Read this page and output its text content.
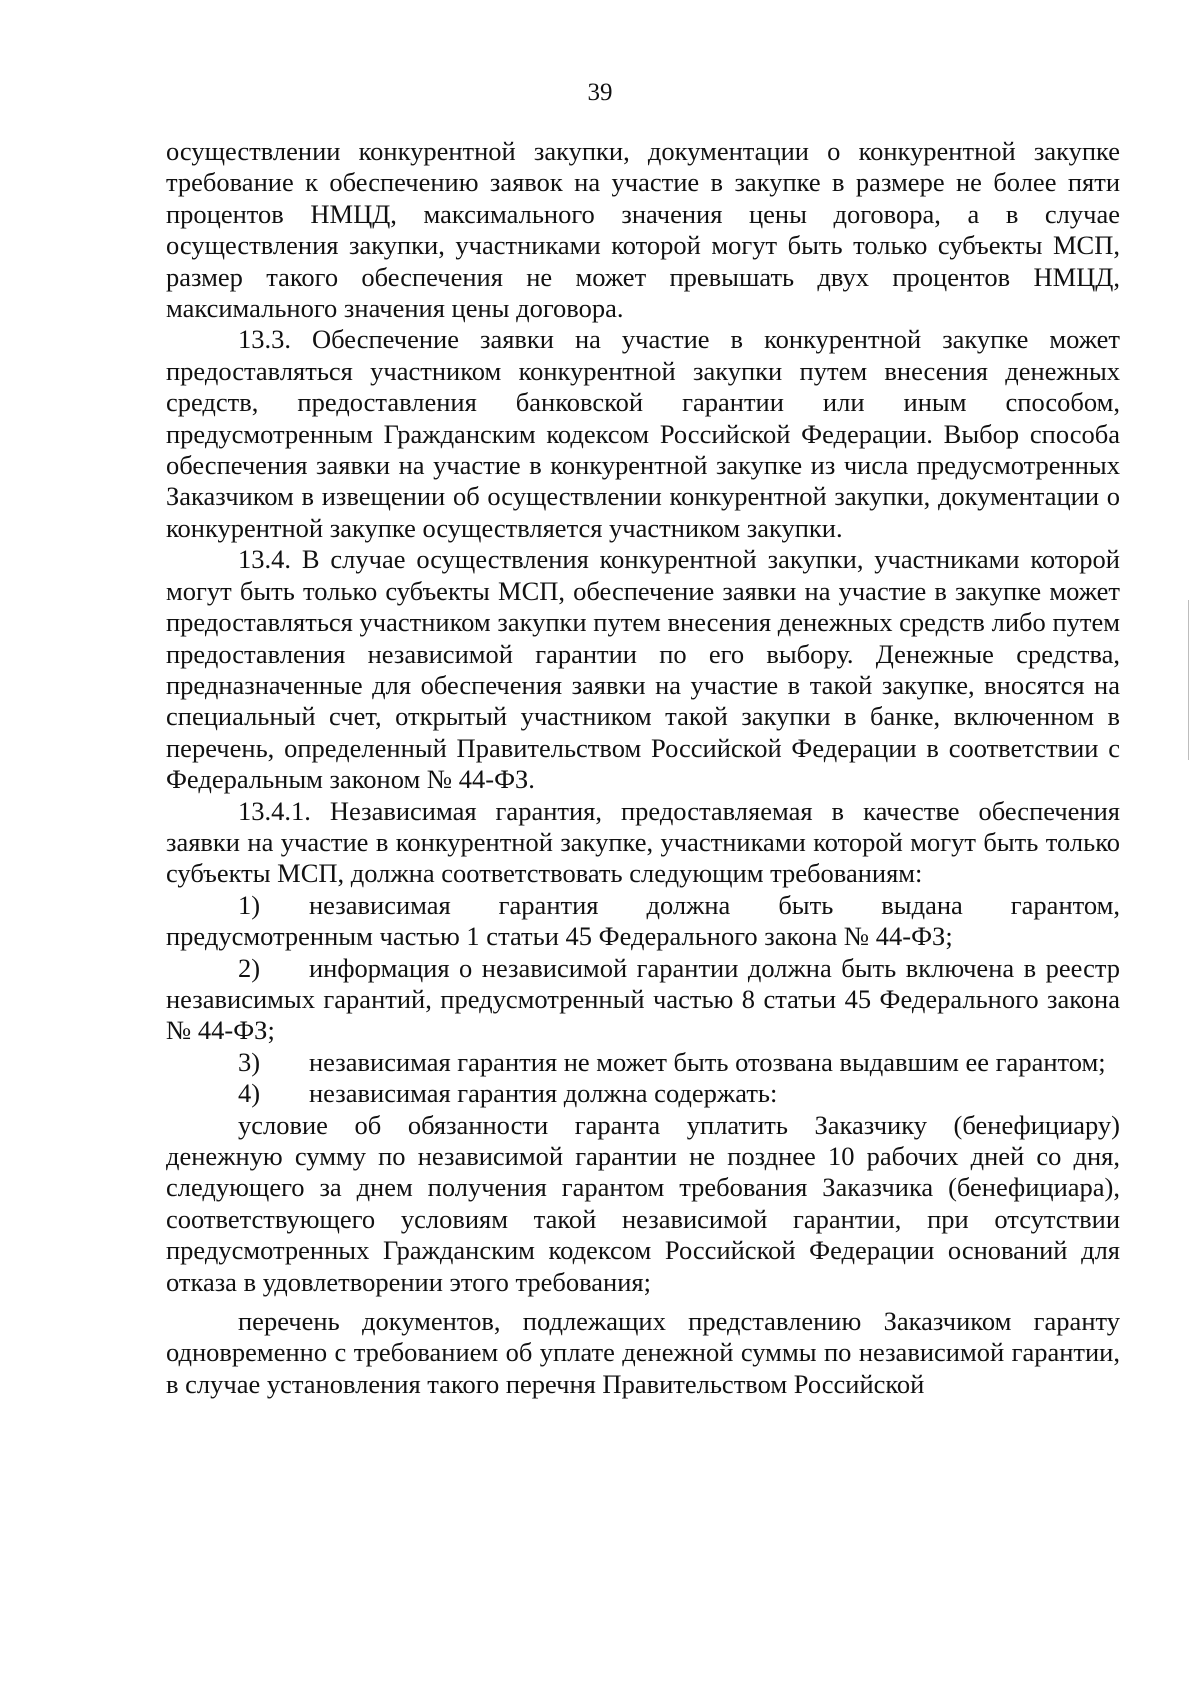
39

осуществлении конкурентной закупки, документации о конкурентной закупке требование к обеспечению заявок на участие в закупке в размере не более пяти процентов НМЦД, максимального значения цены договора, а в случае осуществления закупки, участниками которой могут быть только субъекты МСП, размер такого обеспечения не может превышать двух процентов НМЦД, максимального значения цены договора.

13.3. Обеспечение заявки на участие в конкурентной закупке может предоставляться участником конкурентной закупки путем внесения денежных средств, предоставления банковской гарантии или иным способом, предусмотренным Гражданским кодексом Российской Федерации. Выбор способа обеспечения заявки на участие в конкурентной закупке из числа предусмотренных Заказчиком в извещении об осуществлении конкурентной закупки, документации о конкурентной закупке осуществляется участником закупки.

13.4. В случае осуществления конкурентной закупки, участниками которой могут быть только субъекты МСП, обеспечение заявки на участие в закупке может предоставляться участником закупки путем внесения денежных средств либо путем предоставления независимой гарантии по его выбору. Денежные средства, предназначенные для обеспечения заявки на участие в такой закупке, вносятся на специальный счет, открытый участником такой закупки в банке, включенном в перечень, определенный Правительством Российской Федерации в соответствии с Федеральным законом № 44-ФЗ.

13.4.1. Независимая гарантия, предоставляемая в качестве обеспечения заявки на участие в конкурентной закупке, участниками которой могут быть только субъекты МСП, должна соответствовать следующим требованиям:

1) независимая гарантия должна быть выдана гарантом, предусмотренным частью 1 статьи 45 Федерального закона № 44-ФЗ;

2) информация о независимой гарантии должна быть включена в реестр независимых гарантий, предусмотренный частью 8 статьи 45 Федерального закона № 44-ФЗ;

3) независимая гарантия не может быть отозвана выдавшим ее гарантом;

4) независимая гарантия должна содержать:

условие об обязанности гаранта уплатить Заказчику (бенефициару) денежную сумму по независимой гарантии не позднее 10 рабочих дней со дня, следующего за днем получения гарантом требования Заказчика (бенефициара), соответствующего условиям такой независимой гарантии, при отсутствии предусмотренных Гражданским кодексом Российской Федерации оснований для отказа в удовлетворении этого требования;

перечень документов, подлежащих представлению Заказчиком гаранту одновременно с требованием об уплате денежной суммы по независимой гарантии, в случае установления такого перечня Правительством Российской
